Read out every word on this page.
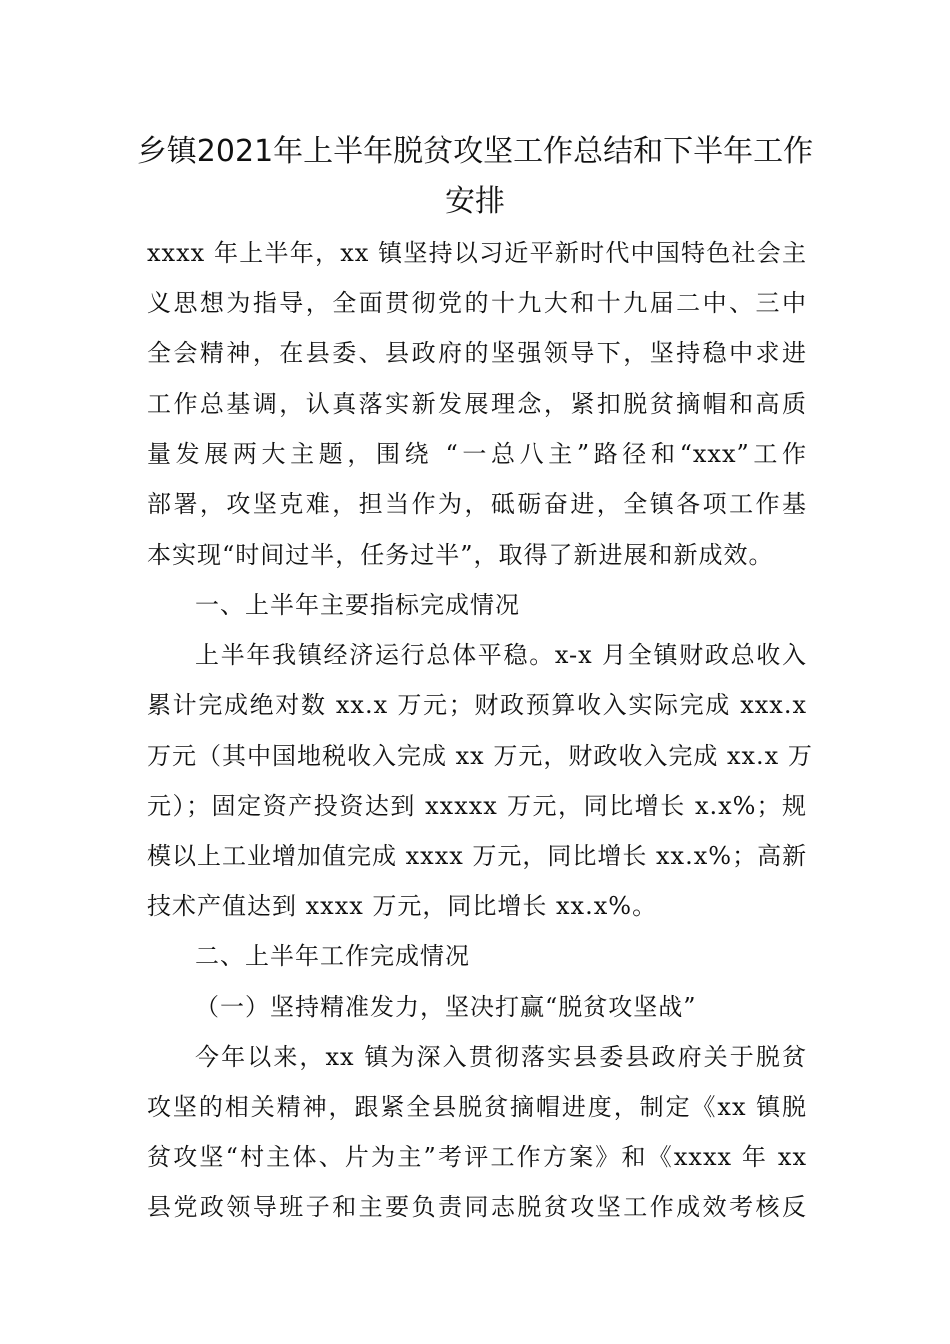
乡镇2021年上半年脱贫攻坚工作总结和下半年工作
安排
xxxx 年上半年，xx 镇坚持以习近平新时代中国特色社会主
义思想为指导，全面贯彻党的十九大和十九届二中、三中
全会精神，在县委、县政府的坚强领导下，坚持稳中求进
工作总基调，认真落实新发展理念，紧扣脱贫摘帽和高质
量发展两大主题，围绕 “一总八主”路径和“xxx”工作
部署，攻坚克难，担当作为，砥砺奋进，全镇各项工作基
本实现“时间过半，任务过半”，取得了新进展和新成效。
一、上半年主要指标完成情况
上半年我镇经济运行总体平稳。x-x 月全镇财政总收入
累计完成绝对数 xx.x 万元；财政预算收入实际完成 xxx.x
万元（其中国地税收入完成 xx 万元，财政收入完成 xx.x 万
元）；固定资产投资达到 xxxxx 万元，同比增长 x.x%；规
模以上工业增加值完成 xxxx 万元，同比增长 xx.x%；高新
技术产值达到 xxxx 万元，同比增长 xx.x%。
二、上半年工作完成情况
（一）坚持精准发力，坚决打赢“脱贫攻坚战”
今年以来，xx 镇为深入贯彻落实县委县政府关于脱贫
攻坚的相关精神，跟紧全县脱贫摘帽进度，制定《xx 镇脱
贫攻坚“村主体、片为主”考评工作方案》和《xxxx 年 xx
县党政领导班子和主要负责同志脱贫攻坚工作成效考核反
